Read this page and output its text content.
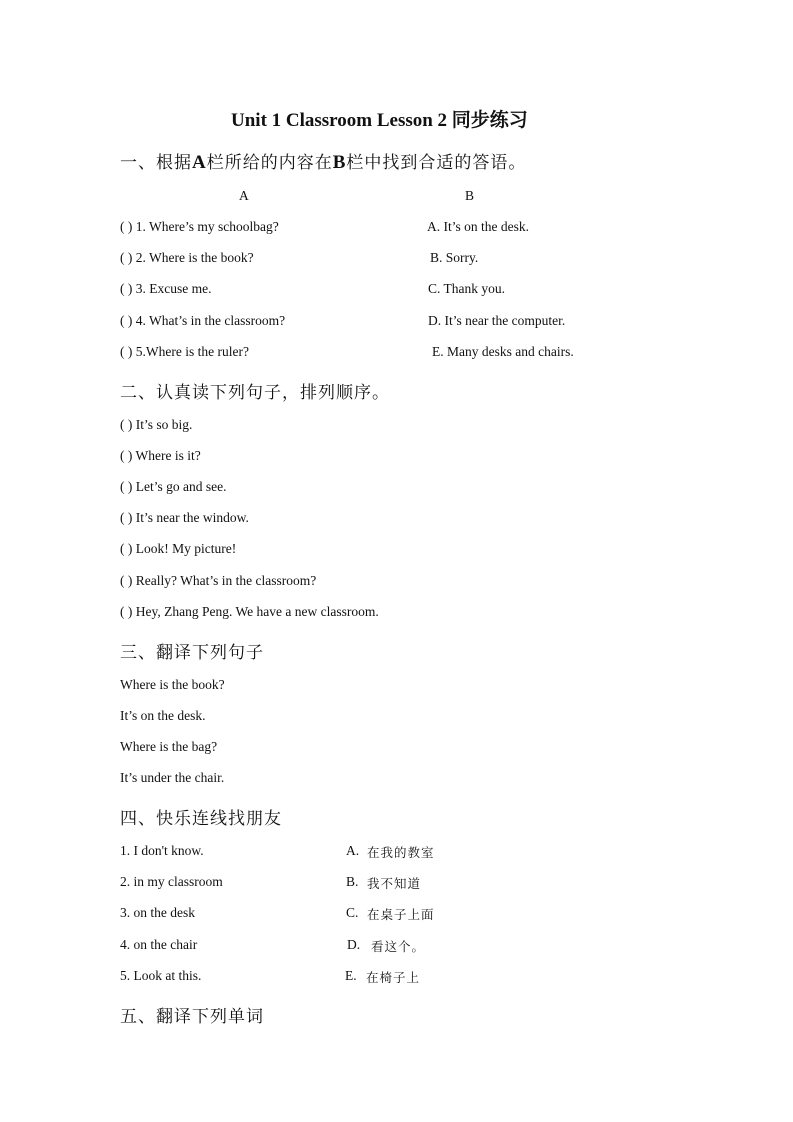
Unit 1 Classroom Lesson 2 同步练习
一、根据A栏所给的内容在B栏中找到合适的答语。
A	B
( ) 1. Where’s my schoolbag?	A. It’s on the desk.
( ) 2. Where is the book?	B. Sorry.
( ) 3. Excuse me.	C. Thank you.
( ) 4. What’s in the classroom?	D. It’s near the computer.
( ) 5.Where is the ruler?	E. Many desks and chairs.
二、认真读下列句子，排列顺序。
( ) It’s so big.
( ) Where is it?
( ) Let’s go and see.
( ) It’s near the window.
( ) Look! My picture!
( ) Really? What’s in the classroom?
( ) Hey, Zhang Peng. We have a new classroom.
三、翻译下列句子
Where is the book?
It’s on the desk.
Where is the bag?
It’s under the chair.
四、快乐连线找朋友
1. I don't know.	A. 在我的教室
2. in my classroom	B. 我不知道
3. on the desk	C. 在桌子上面
4. on the chair	D. 看这个。
5. Look at this.	E. 在椅子上
五、翻译下列单词
